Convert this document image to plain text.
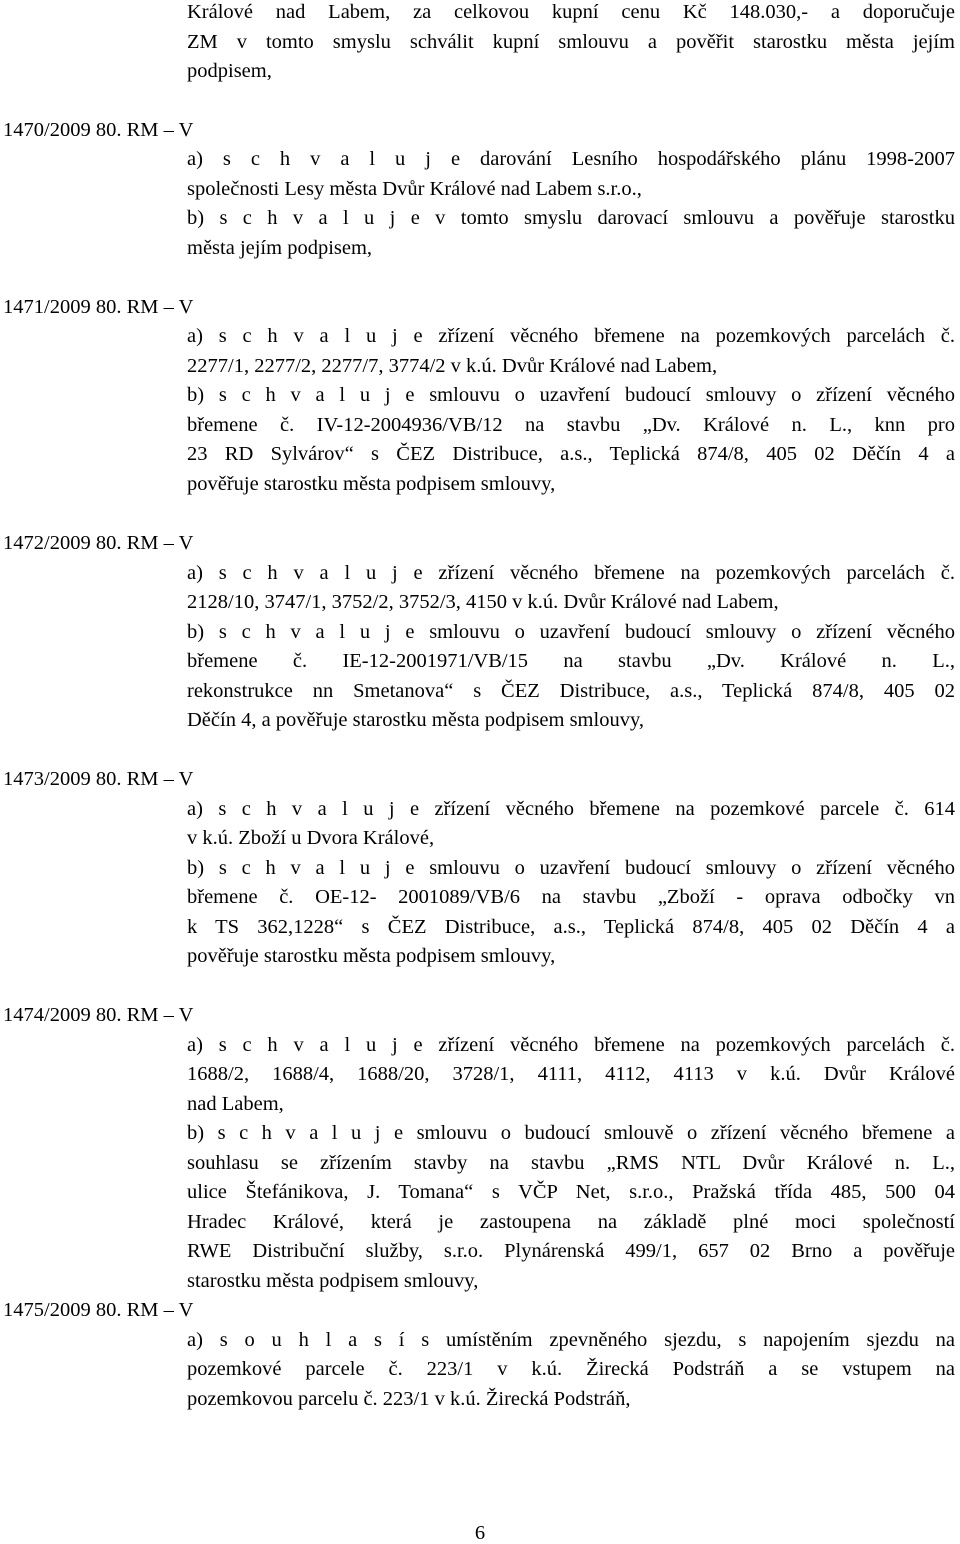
Králové nad Labem, za celkovou kupní cenu Kč 148.030,- a doporučuje
ZM v tomto smyslu schválit kupní smlouvu a pověřit starostku města jejím
podpisem,
1470/2009 80. RM – V
a) s c h v a l u j e darování Lesního hospodářského plánu 1998-2007
společnosti Lesy města Dvůr Králové nad Labem s.r.o.,
b) s c h v a l u j e v tomto smyslu darovací smlouvu a pověřuje starostku
města jejím podpisem,
1471/2009 80. RM – V
a) s c h v a l u j e zřízení věcného břemene na pozemkových parcelách č.
2277/1, 2277/2, 2277/7, 3774/2 v k.ú. Dvůr Králové nad Labem,
b) s c h v a l u j e smlouvu o uzavření budoucí smlouvy o zřízení věcného
břemene č. IV-12-2004936/VB/12 na stavbu „Dv. Králové n. L., knn pro
23 RD Sylvárov“ s ČEZ Distribuce, a.s., Teplická 874/8, 405 02 Děčín 4 a
pověřuje starostku města podpisem smlouvy,
1472/2009 80. RM – V
a) s c h v a l u j e zřízení věcného břemene na pozemkových parcelách č.
2128/10, 3747/1, 3752/2, 3752/3, 4150 v k.ú. Dvůr Králové nad Labem,
b) s c h v a l u j e smlouvu o uzavření budoucí smlouvy o zřízení věcného
břemene č. IE-12-2001971/VB/15 na stavbu „Dv. Králové n. L.,
rekonstrukce nn Smetanova“ s ČEZ Distribuce, a.s., Teplická 874/8, 405 02
Děčín 4, a pověřuje starostku města podpisem smlouvy,
1473/2009 80. RM – V
a) s c h v a l u j e zřízení věcného břemene na pozemkové parcele č. 614
v k.ú. Zboží u Dvora Králové,
b) s c h v a l u j e smlouvu o uzavření budoucí smlouvy o zřízení věcného
břemene č. OE-12- 2001089/VB/6 na stavbu „Zboží - oprava odbočky vn
k TS 362,1228“ s ČEZ Distribuce, a.s., Teplická 874/8, 405 02 Děčín 4 a
pověřuje starostku města podpisem smlouvy,
1474/2009 80. RM – V
a) s c h v a l u j e zřízení věcného břemene na pozemkových parcelách č.
1688/2, 1688/4, 1688/20, 3728/1, 4111, 4112, 4113 v k.ú. Dvůr Králové
nad Labem,
b) s c h v a l u j e smlouvu o budoucí smlouvě o zřízení věcného břemene a
souhlasu se zřízením stavby na stavbu „RMS NTL Dvůr Králové n. L.,
ulice Štefánikova, J. Tomana“ s VČP Net, s.r.o., Pražská třída 485, 500 04
Hradec Králové, která je zastoupena na základě plné moci společností
RWE Distribuční služby, s.r.o. Plynárenská 499/1, 657 02 Brno a pověřuje
starostku města podpisem smlouvy,
1475/2009 80. RM – V
a) s o u h l a s í s umístěním zpevněného sjezdu, s napojením sjezdu na
pozemkové parcele č. 223/1 v k.ú. Žirecká Podstráň a se vstupem na
pozemkovou parcelu č. 223/1 v k.ú. Žirecká Podstráň,
6
